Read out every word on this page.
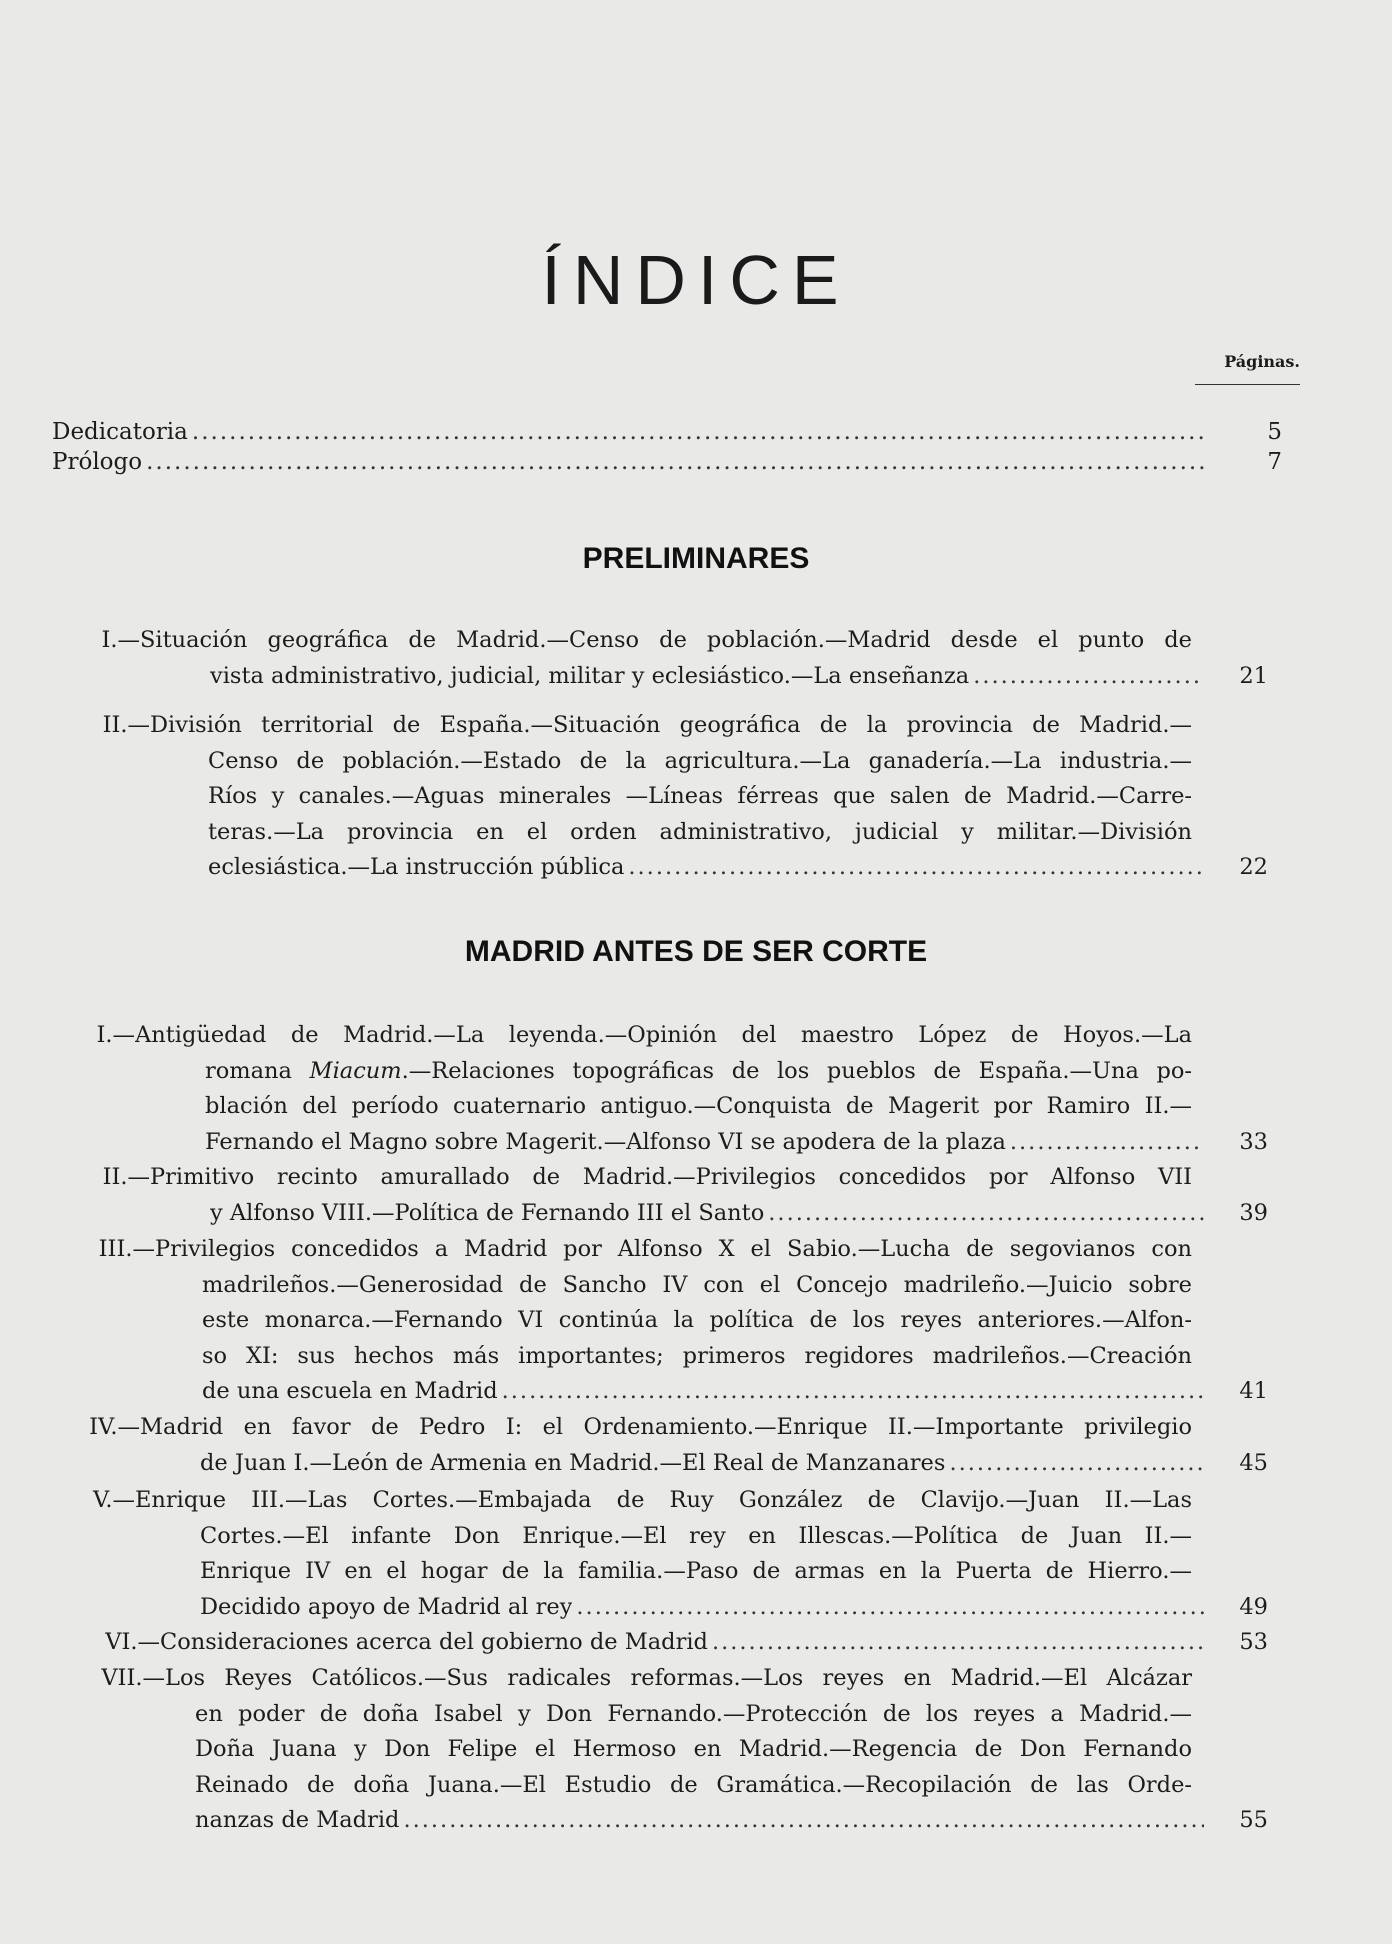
ÍNDICE
Páginas.
Dedicatoria .....	5
Prólogo .....	7
PRELIMINARES
I.— Situación geográfica de Madrid.—Censo de población.—Madrid desde el punto de
vista administrativo, judicial, militar y eclesiástico.—La enseñanza .....	21
II.— División territorial de España.—Situación geográfica de la provincia de Madrid.—
Censo de población.—Estado de la agricultura.—La ganadería.—La industria.—
Ríos y canales.—Aguas minerales —Líneas férreas que salen de Madrid.—Carre-
teras.—La provincia en el orden administrativo, judicial y militar.—División
eclesiástica.—La instrucción pública .....	22
MADRID ANTES DE SER CORTE
I.— Antigüedad de Madrid.—La leyenda.—Opinión del maestro López de Hoyos.—La
romana Miacum.—Relaciones topográficas de los pueblos de España.—Una po-
blación del período cuaternario antiguo.—Conquista de Magerit por Ramiro II.—
Fernando el Magno sobre Magerit.—Alfonso VI se apodera de la plaza .....	33
II.— Primitivo recinto amurallado de Madrid.—Privilegios concedidos por Alfonso VII
y Alfonso VIII.—Política de Fernando III el Santo .....	39
III.— Privilegios concedidos a Madrid por Alfonso X el Sabio.—Lucha de segovianos con
madrileños.—Generosidad de Sancho IV con el Concejo madrileño.—Juicio sobre
este monarca.—Fernando VI continúa la política de los reyes anteriores.—Alfon-
so XI: sus hechos más importantes; primeros regidores madrileños.—Creación
de una escuela en Madrid .....	41
IV.— Madrid en favor de Pedro I: el Ordenamiento.—Enrique II.—Importante privilegio
de Juan I.—León de Armenia en Madrid.—El Real de Manzanares .....	45
V.— Enrique III.—Las Cortes.—Embajada de Ruy González de Clavijo.—Juan II.—Las
Cortes.—El infante Don Enrique.—El rey en Illescas.—Política de Juan II.—
Enrique IV en el hogar de la familia.—Paso de armas en la Puerta de Hierro.—
Decidido apoyo de Madrid al rey .....	49
VI.— Consideraciones acerca del gobierno de Madrid .....	53
VII.— Los Reyes Católicos.—Sus radicales reformas.—Los reyes en Madrid.—El Alcázar
en poder de doña Isabel y Don Fernando.—Protección de los reyes a Madrid.—
Doña Juana y Don Felipe el Hermoso en Madrid.—Regencia de Don Fernando
Reinado de doña Juana.—El Estudio de Gramática.—Recopilación de las Orde-
nanzas de Madrid .....	55
